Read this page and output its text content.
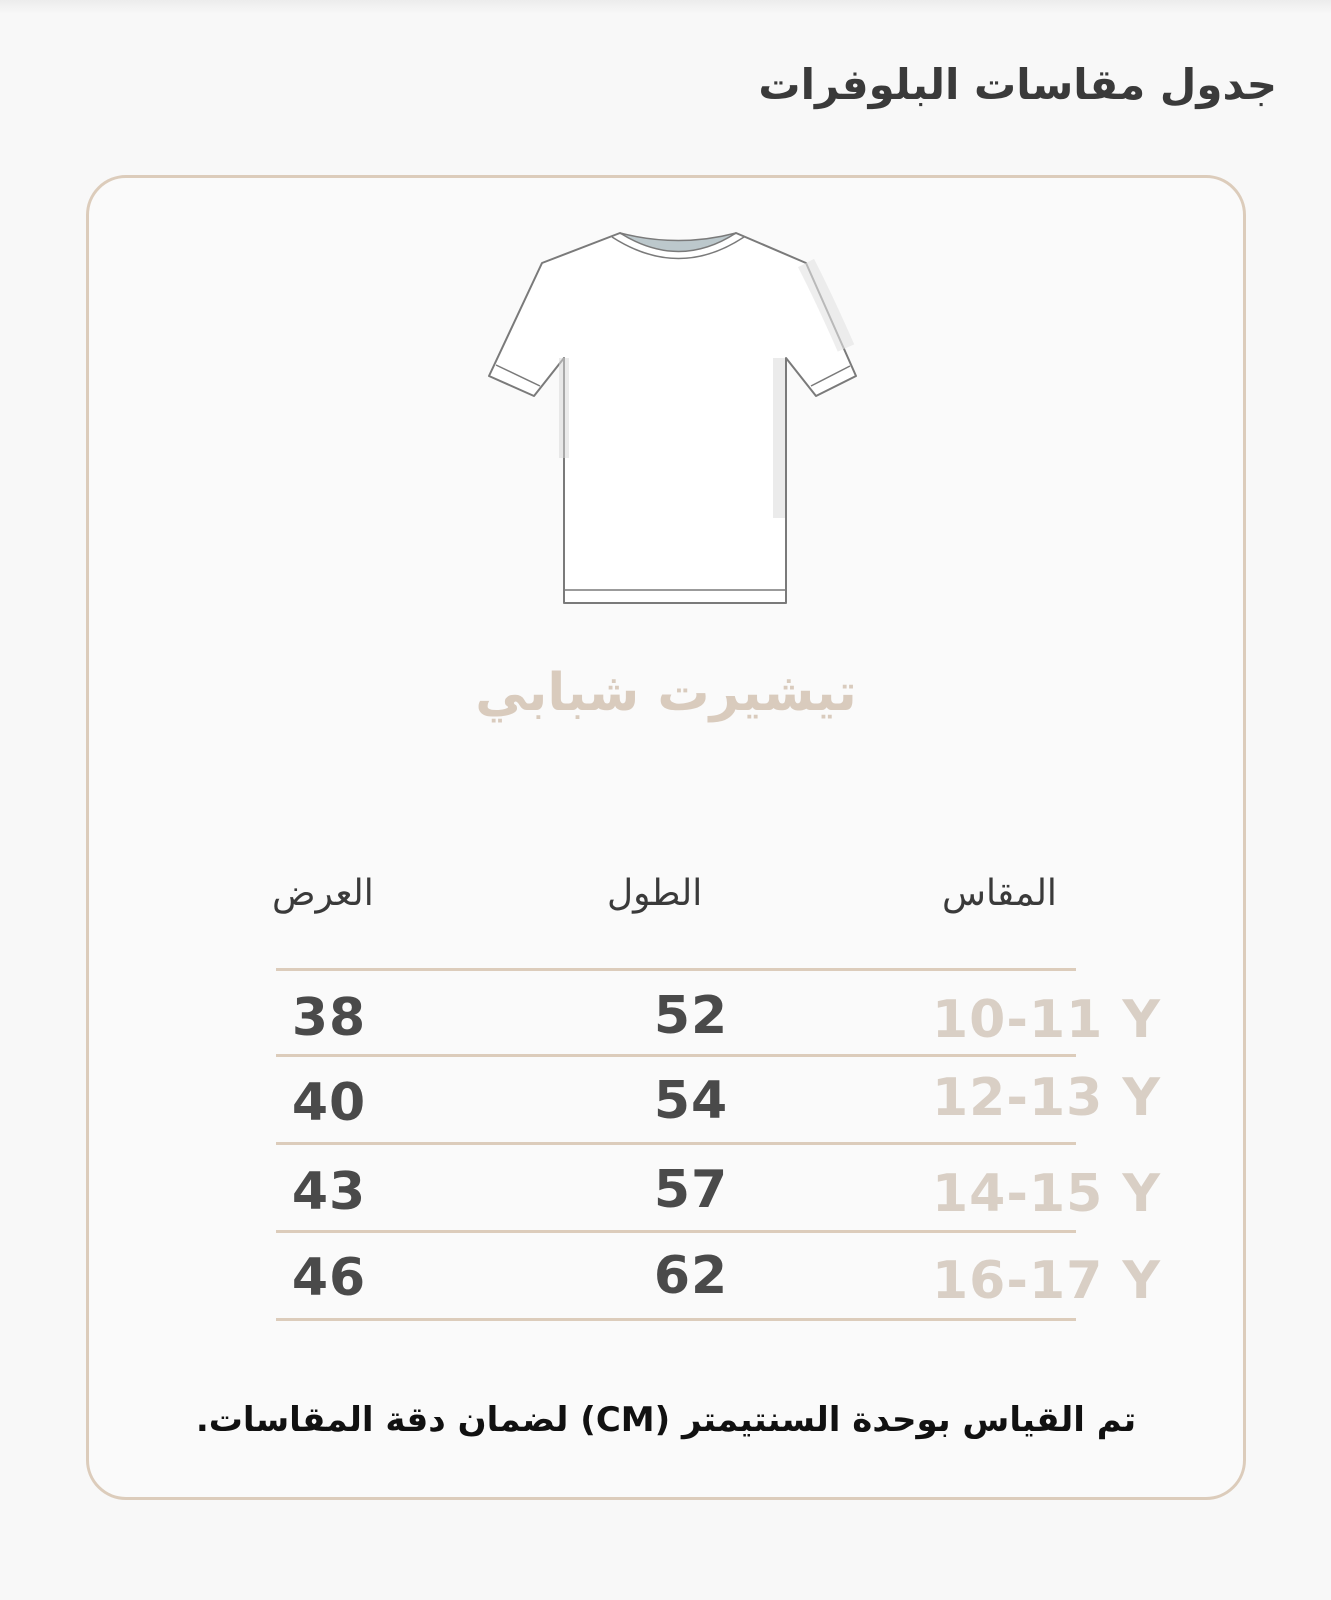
جدول مقاسات البلوفرات
تيشيرت شبابي
المقاس
الطول
العرض
10-11 Y
52
38
12-13 Y
54
40
14-15 Y
57
43
16-17 Y
62
46
تم القياس بوحدة السنتيمتر (CM) لضمان دقة المقاسات.
